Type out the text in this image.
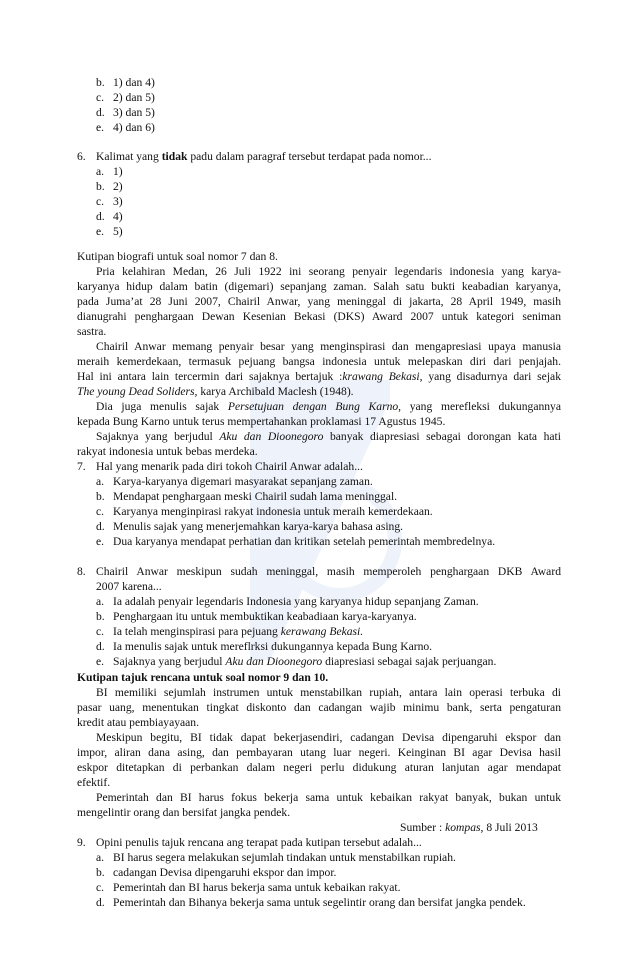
b. 1) dan 4)
c. 2) dan 5)
d. 3) dan 5)
e. 4) dan 6)
6. Kalimat yang tidak padu dalam paragraf tersebut terdapat pada nomor...
a. 1)
b. 2)
c. 3)
d. 4)
e. 5)
Kutipan biografi untuk soal nomor 7 dan 8.
Pria kelahiran Medan, 26 Juli 1922 ini seorang penyair legendaris indonesia yang karya-
karyanya hidup dalam batin (digemari) sepanjang zaman. Salah satu bukti keabadian karyanya,
pada Juma’at 28 Juni 2007, Chairil Anwar, yang meninggal di jakarta, 28 April 1949, masih
dianugrahi penghargaan Dewan Kesenian Bekasi (DKS) Award 2007 untuk kategori seniman
sastra.
Chairil Anwar memang penyair besar yang menginspirasi dan mengapresiasi upaya manusia
meraih kemerdekaan, termasuk pejuang bangsa indonesia untuk melepaskan diri dari penjajah.
Hal ini antara lain tercermin dari sajaknya bertajuk :krawang Bekasi, yang disadurnya dari sejak
The young Dead Soliders, karya Archibald Maclesh (1948).
Dia juga menulis sajak Persetujuan dengan Bung Karno, yang merefleksi dukungannya
kepada Bung Karno untuk terus mempertahankan proklamasi 17 Agustus 1945.
Sajaknya yang berjudul Aku dan Dioonegoro banyak diapresiasi sebagai dorongan kata hati
rakyat indonesia untuk bebas merdeka.
7. Hal yang menarik pada diri tokoh Chairil Anwar adalah...
a. Karya-karyanya digemari masyarakat sepanjang zaman.
b. Mendapat penghargaan meski Chairil sudah lama meninggal.
c. Karyanya menginpirasi rakyat indonesia untuk meraih kemerdekaan.
d. Menulis sajak yang menerjemahkan karya-karya bahasa asing.
e. Dua karyanya mendapat perhatian dan kritikan setelah pemerintah membredelnya.
8. Chairil Anwar meskipun sudah meninggal, masih memperoleh penghargaan DKB Award
2007 karena...
a. Ia adalah penyair legendaris Indonesia yang karyanya hidup sepanjang Zaman.
b. Penghargaan itu untuk membuktikan keabadiaan karya-karyanya.
c. Ia telah menginspirasi para pejuang kerawang Bekasi.
d. Ia menulis sajak untuk mereflrksi dukungannya kepada Bung Karno.
e. Sajaknya yang berjudul Aku dan Dioonegoro diapresiasi sebagai sajak perjuangan.
Kutipan tajuk rencana untuk soal nomor 9 dan 10.
BI memiliki sejumlah instrumen untuk menstabilkan rupiah, antara lain operasi terbuka di
pasar uang, menentukan tingkat diskonto dan cadangan wajib minimu bank, serta pengaturan
kredit atau pembiayayaan.
Meskipun begitu, BI tidak dapat bekerjasendiri, cadangan Devisa dipengaruhi ekspor dan
impor, aliran dana asing, dan pembayaran utang luar negeri. Keinginan BI agar Devisa hasil
eskpor ditetapkan di perbankan dalam negeri perlu didukung aturan lanjutan agar mendapat
efektif.
Pemerintah dan BI harus fokus bekerja sama untuk kebaikan rakyat banyak, bukan untuk
mengelintir orang dan bersifat jangka pendek.
Sumber : kompas, 8 Juli 2013
9. Opini penulis tajuk rencana ang terapat pada kutipan tersebut adalah...
a. BI harus segera melakukan sejumlah tindakan untuk menstabilkan rupiah.
b. cadangan Devisa dipengaruhi ekspor dan impor.
c. Pemerintah dan BI harus bekerja sama untuk kebaikan rakyat.
d. Pemerintah dan Bihanya bekerja sama untuk segelintir orang dan bersifat jangka pendek.
